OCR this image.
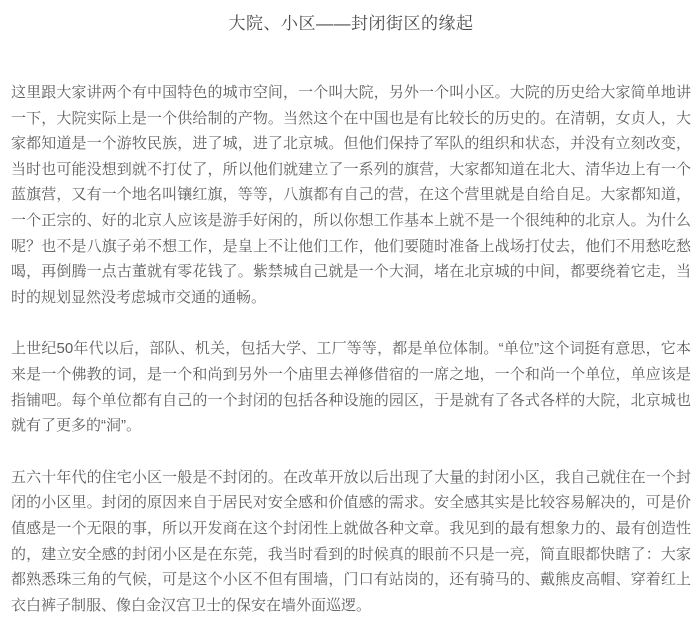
大院、小区——封闭街区的缘起

这里跟大家讲两个有中国特色的城市空间，一个叫大院，另外一个叫小区。大院的历史给大家简单地讲一下，大院实际上是一个供给制的产物。当然这个在中国也是有比较长的历史的。在清朝，女贞人，大家都知道是一个游牧民族，进了城，进了北京城。但他们保持了军队的组织和状态，并没有立刻改变，当时也可能没想到就不打仗了，所以他们就建立了一系列的旗营，大家都知道在北大、清华边上有一个蓝旗营，又有一个地名叫镶红旗，等等，八旗都有自己的营，在这个营里就是自给自足。大家都知道，一个正宗的、好的北京人应该是游手好闲的，所以你想工作基本上就不是一个很纯种的北京人。为什么呢？也不是八旗子弟不想工作，是皇上不让他们工作，他们要随时准备上战场打仗去，他们不用愁吃愁喝，再倒腾一点古董就有零花钱了。紫禁城自己就是一个大洞，堵在北京城的中间，都要绕着它走，当时的规划显然没考虑城市交通的通畅。

上世纪50年代以后，部队、机关，包括大学、工厂等等，都是单位体制。“单位”这个词挺有意思，它本来是一个佛教的词，是一个和尚到另外一个庙里去禅修借宿的一席之地，一个和尚一个单位，单应该是指铺吧。每个单位都有自己的一个封闭的包括各种设施的园区，于是就有了各式各样的大院，北京城也就有了更多的“洞”。

五六十年代的住宅小区一般是不封闭的。在改革开放以后出现了大量的封闭小区，我自己就住在一个封闭的小区里。封闭的原因来自于居民对安全感和价值感的需求。安全感其实是比较容易解决的，可是价值感是一个无限的事，所以开发商在这个封闭性上就做各种文章。我见到的最有想象力的、最有创造性的，建立安全感的封闭小区是在东莞，我当时看到的时候真的眼前不只是一亮，简直眼都快瞎了：大家都熟悉珠三角的气候，可是这个小区不但有围墙，门口有站岗的，还有骑马的、戴熊皮高帽、穿着红上衣白裤子制服、像白金汉宫卫士的保安在墙外面巡逻。
